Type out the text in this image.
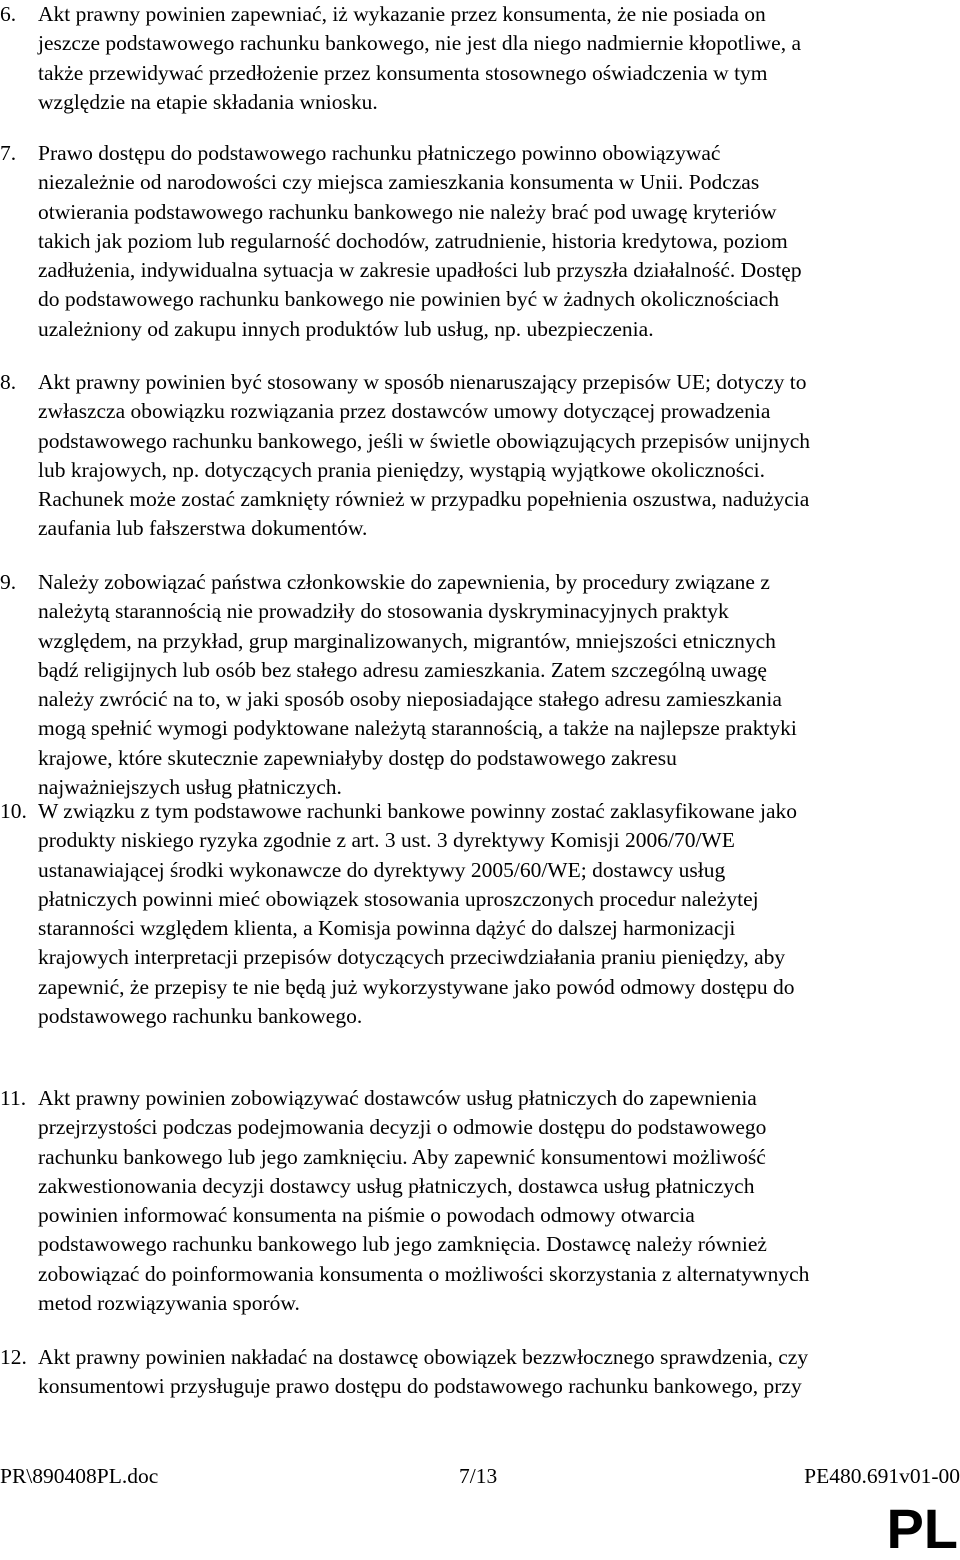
6. Akt prawny powinien zapewniać, iż wykazanie przez konsumenta, że nie posiada on
jeszcze podstawowego rachunku bankowego, nie jest dla niego nadmiernie kłopotliwe, a
także przewidywać przedłożenie przez konsumenta stosownego oświadczenia w tym
względzie na etapie składania wniosku.
7. Prawo dostępu do podstawowego rachunku płatniczego powinno obowiązywać
niezależnie od narodowości czy miejsca zamieszkania konsumenta w Unii. Podczas
otwierania podstawowego rachunku bankowego nie należy brać pod uwagę kryteriów
takich jak poziom lub regularność dochodów, zatrudnienie, historia kredytowa, poziom
zadłużenia, indywidualna sytuacja w zakresie upadłości lub przyszła działalność. Dostęp
do podstawowego rachunku bankowego nie powinien być w żadnych okolicznościach
uzależniony od zakupu innych produktów lub usług, np. ubezpieczenia.
8. Akt prawny powinien być stosowany w sposób nienaruszający przepisów UE; dotyczy to
zwłaszcza obowiązku rozwiązania przez dostawców umowy dotyczącej prowadzenia
podstawowego rachunku bankowego, jeśli w świetle obowiązujących przepisów unijnych
lub krajowych, np. dotyczących prania pieniędzy, wystąpią wyjątkowe okoliczności.
Rachunek może zostać zamknięty również w przypadku popełnienia oszustwa, nadużycia
zaufania lub fałszerstwa dokumentów.
9. Należy zobowiązać państwa członkowskie do zapewnienia, by procedury związane z
należytą starannością nie prowadziły do stosowania dyskryminacyjnych praktyk
względem, na przykład, grup marginalizowanych, migrantów, mniejszości etnicznych
bądź religijnych lub osób bez stałego adresu zamieszkania. Zatem szczególną uwagę
należy zwrócić na to, w jaki sposób osoby nieposiadające stałego adresu zamieszkania
mogą spełnić wymogi podyktowane należytą starannością, a także na najlepsze praktyki
krajowe, które skutecznie zapewniałyby dostęp do podstawowego zakresu
najważniejszych usług płatniczych.
10. W związku z tym podstawowe rachunki bankowe powinny zostać zaklasyfikowane jako
produkty niskiego ryzyka zgodnie z art. 3 ust. 3 dyrektywy Komisji 2006/70/WE
ustanawiającej środki wykonawcze do dyrektywy 2005/60/WE; dostawcy usług
płatniczych powinni mieć obowiązek stosowania uproszczonych procedur należytej
staranności względem klienta, a Komisja powinna dążyć do dalszej harmonizacji
krajowych interpretacji przepisów dotyczących przeciwdziałania praniu pieniędzy, aby
zapewnić, że przepisy te nie będą już wykorzystywane jako powód odmowy dostępu do
podstawowego rachunku bankowego.
11. Akt prawny powinien zobowiązywać dostawców usług płatniczych do zapewnienia
przejrzystości podczas podejmowania decyzji o odmowie dostępu do podstawowego
rachunku bankowego lub jego zamknięciu. Aby zapewnić konsumentowi możliwość
zakwestionowania decyzji dostawcy usług płatniczych, dostawca usług płatniczych
powinien informować konsumenta na piśmie o powodach odmowy otwarcia
podstawowego rachunku bankowego lub jego zamknięcia. Dostawcę należy również
zobowiązać do poinformowania konsumenta o możliwości skorzystania z alternatywnych
metod rozwiązywania sporów.
12. Akt prawny powinien nakładać na dostawcę obowiązek bezzwłocznego sprawdzenia, czy
konsumentowi przysługuje prawo dostępu do podstawowego rachunku bankowego, przy
PR\890408PL.doc	7/13	PE480.691v01-00
PL
